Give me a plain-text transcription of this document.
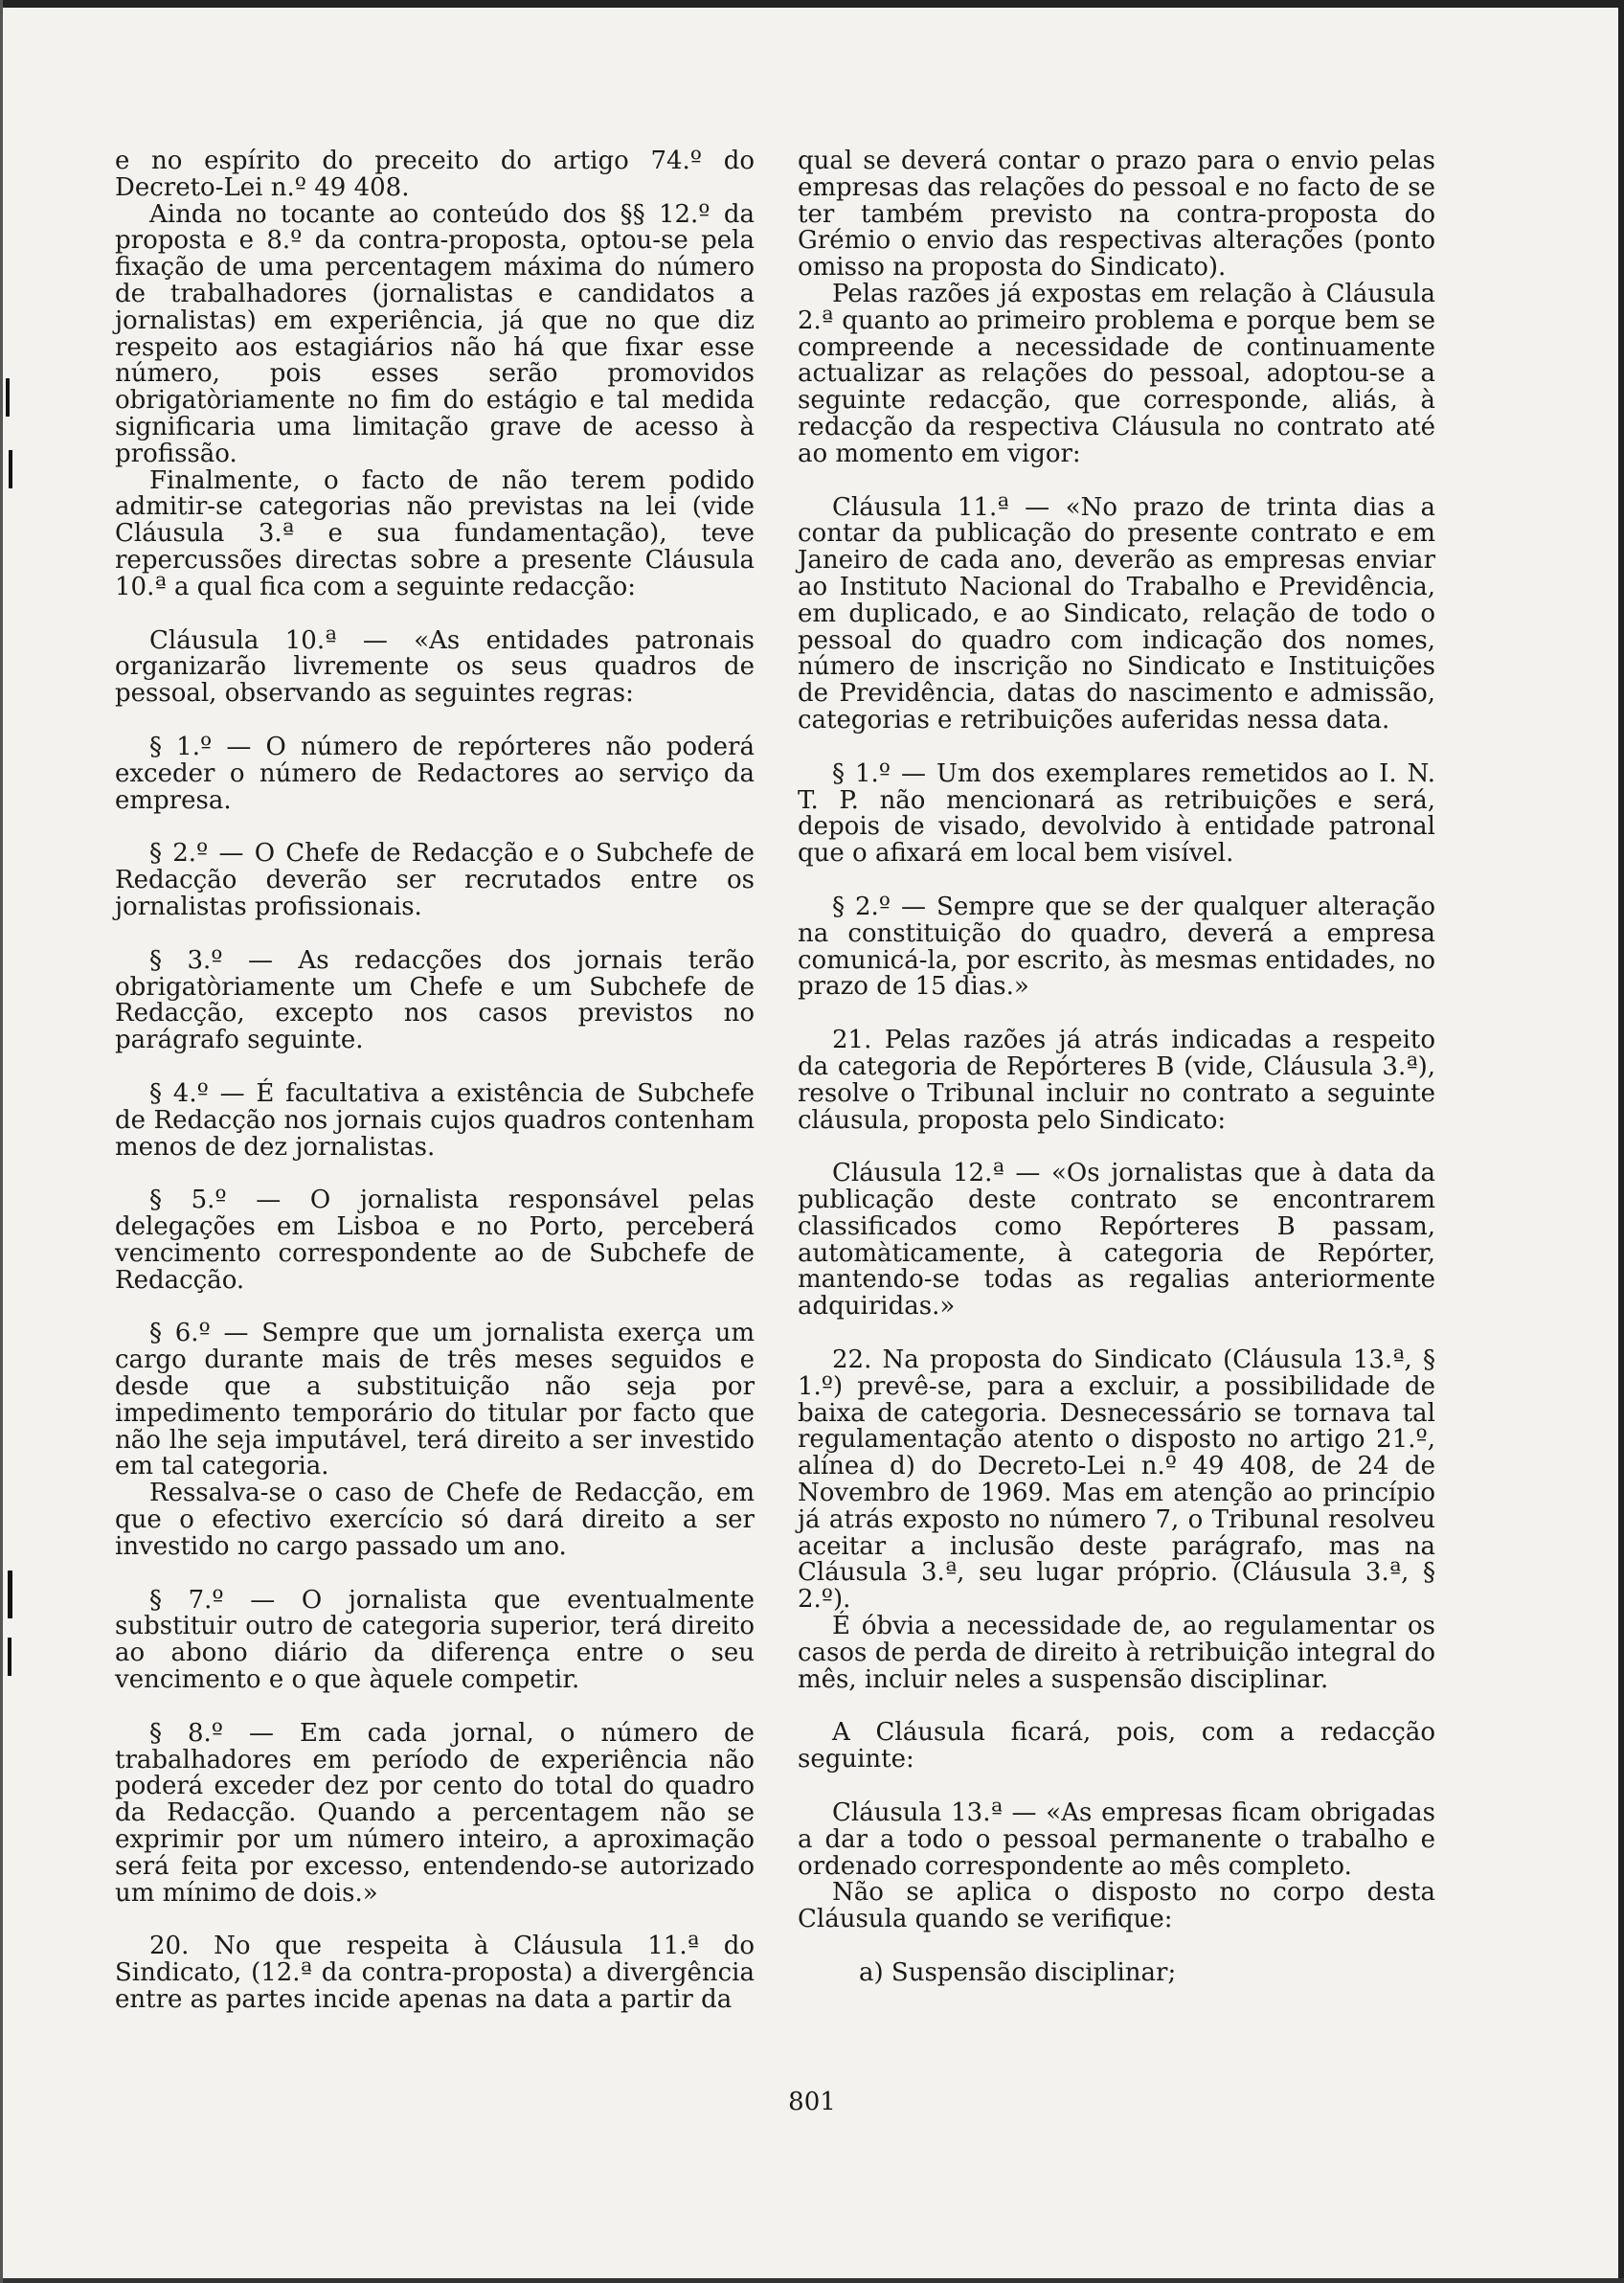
e no espírito do preceito do artigo 74.º do Decreto-Lei n.º 49 408.

Ainda no tocante ao conteúdo dos §§ 12.º da proposta e 8.º da contra-proposta, optou-se pela fixação de uma percentagem máxima do número de trabalhadores (jornalistas e candidatos a jornalistas) em experiência, já que no que diz respeito aos estagiários não há que fixar esse número, pois esses serão promovidos obrigatòriamente no fim do estágio e tal medida significaria uma limitação grave de acesso à profissão.

Finalmente, o facto de não terem podido admitir-se categorias não previstas na lei (vide Cláusula 3.ª e sua fundamentação), teve repercussões directas sobre a presente Cláusula 10.ª a qual fica com a seguinte redacção:

Cláusula 10.ª — «As entidades patronais organizarão livremente os seus quadros de pessoal, observando as seguintes regras:

§ 1.º — O número de repórteres não poderá exceder o número de Redactores ao serviço da empresa.

§ 2.º — O Chefe de Redacção e o Subchefe de Redacção deverão ser recrutados entre os jornalistas profissionais.

§ 3.º — As redacções dos jornais terão obrigatòriamente um Chefe e um Subchefe de Redacção, excepto nos casos previstos no parágrafo seguinte.

§ 4.º — É facultativa a existência de Subchefe de Redacção nos jornais cujos quadros contenham menos de dez jornalistas.

§ 5.º — O jornalista responsável pelas delegações em Lisboa e no Porto, perceberá vencimento correspondente ao de Subchefe de Redacção.

§ 6.º — Sempre que um jornalista exerça um cargo durante mais de três meses seguidos e desde que a substituição não seja por impedimento temporário do titular por facto que não lhe seja imputável, terá direito a ser investido em tal categoria.

Ressalva-se o caso de Chefe de Redacção, em que o efectivo exercício só dará direito a ser investido no cargo passado um ano.

§ 7.º — O jornalista que eventualmente substituir outro de categoria superior, terá direito ao abono diário da diferença entre o seu vencimento e o que àquele competir.

§ 8.º — Em cada jornal, o número de trabalhadores em período de experiência não poderá exceder dez por cento do total do quadro da Redacção. Quando a percentagem não se exprimir por um número inteiro, a aproximação será feita por excesso, entendendo-se autorizado um mínimo de dois.»

20. No que respeita à Cláusula 11.ª do Sindicato, (12.ª da contra-proposta) a divergência entre as partes incide apenas na data a partir da

qual se deverá contar o prazo para o envio pelas empresas das relações do pessoal e no facto de se ter também previsto na contra-proposta do Grémio o envio das respectivas alterações (ponto omisso na proposta do Sindicato).

Pelas razões já expostas em relação à Cláusula 2.ª quanto ao primeiro problema e porque bem se compreende a necessidade de continuamente actualizar as relações do pessoal, adoptou-se a seguinte redacção, que corresponde, aliás, à redacção da respectiva Cláusula no contrato até ao momento em vigor:

Cláusula 11.ª — «No prazo de trinta dias a contar da publicação do presente contrato e em Janeiro de cada ano, deverão as empresas enviar ao Instituto Nacional do Trabalho e Previdência, em duplicado, e ao Sindicato, relação de todo o pessoal do quadro com indicação dos nomes, número de inscrição no Sindicato e Instituições de Previdência, datas do nascimento e admissão, categorias e retribuições auferidas nessa data.

§ 1.º — Um dos exemplares remetidos ao I. N. T. P. não mencionará as retribuições e será, depois de visado, devolvido à entidade patronal que o afixará em local bem visível.

§ 2.º — Sempre que se der qualquer alteração na constituição do quadro, deverá a empresa comunicá-la, por escrito, às mesmas entidades, no prazo de 15 dias.»

21. Pelas razões já atrás indicadas a respeito da categoria de Repórteres B (vide, Cláusula 3.ª), resolve o Tribunal incluir no contrato a seguinte cláusula, proposta pelo Sindicato:

Cláusula 12.ª — «Os jornalistas que à data da publicação deste contrato se encontrarem classificados como Repórteres B passam, automàticamente, à categoria de Repórter, mantendo-se todas as regalias anteriormente adquiridas.»

22. Na proposta do Sindicato (Cláusula 13.ª, § 1.º) prevê-se, para a excluir, a possibilidade de baixa de categoria. Desnecessário se tornava tal regulamentação atento o disposto no artigo 21.º, alínea d) do Decreto-Lei n.º 49 408, de 24 de Novembro de 1969. Mas em atenção ao princípio já atrás exposto no número 7, o Tribunal resolveu aceitar a inclusão deste parágrafo, mas na Cláusula 3.ª, seu lugar próprio. (Cláusula 3.ª, § 2.º).

É óbvia a necessidade de, ao regulamentar os casos de perda de direito à retribuição integral do mês, incluir neles a suspensão disciplinar.

A Cláusula ficará, pois, com a redacção seguinte:

Cláusula 13.ª — «As empresas ficam obrigadas a dar a todo o pessoal permanente o trabalho e ordenado correspondente ao mês completo.

Não se aplica o disposto no corpo desta Cláusula quando se verifique:

a) Suspensão disciplinar;

801
